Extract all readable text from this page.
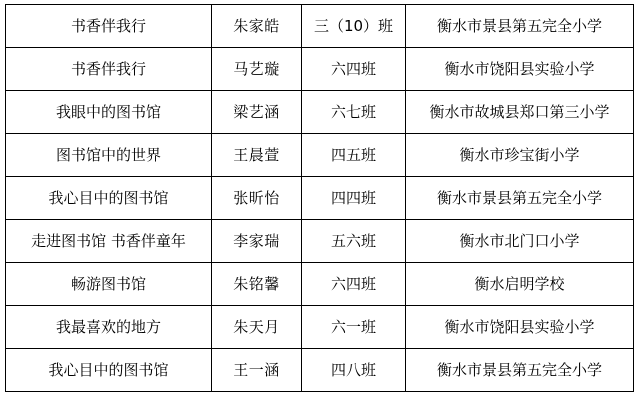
书香伴我行	朱家皓	三（10）班	衡水市景县第五完全小学
书香伴我行	马艺璇	六四班	衡水市饶阳县实验小学
我眼中的图书馆	梁艺涵	六七班	衡水市故城县郑口第三小学
图书馆中的世界	王晨萱	四五班	衡水市珍宝街小学
我心目中的图书馆	张昕怡	四四班	衡水市景县第五完全小学
走进图书馆 书香伴童年	李家瑞	五六班	衡水市北门口小学
畅游图书馆	朱铭馨	六四班	衡水启明学校
我最喜欢的地方	朱天月	六一班	衡水市饶阳县实验小学
我心目中的图书馆	王一涵	四八班	衡水市景县第五完全小学
